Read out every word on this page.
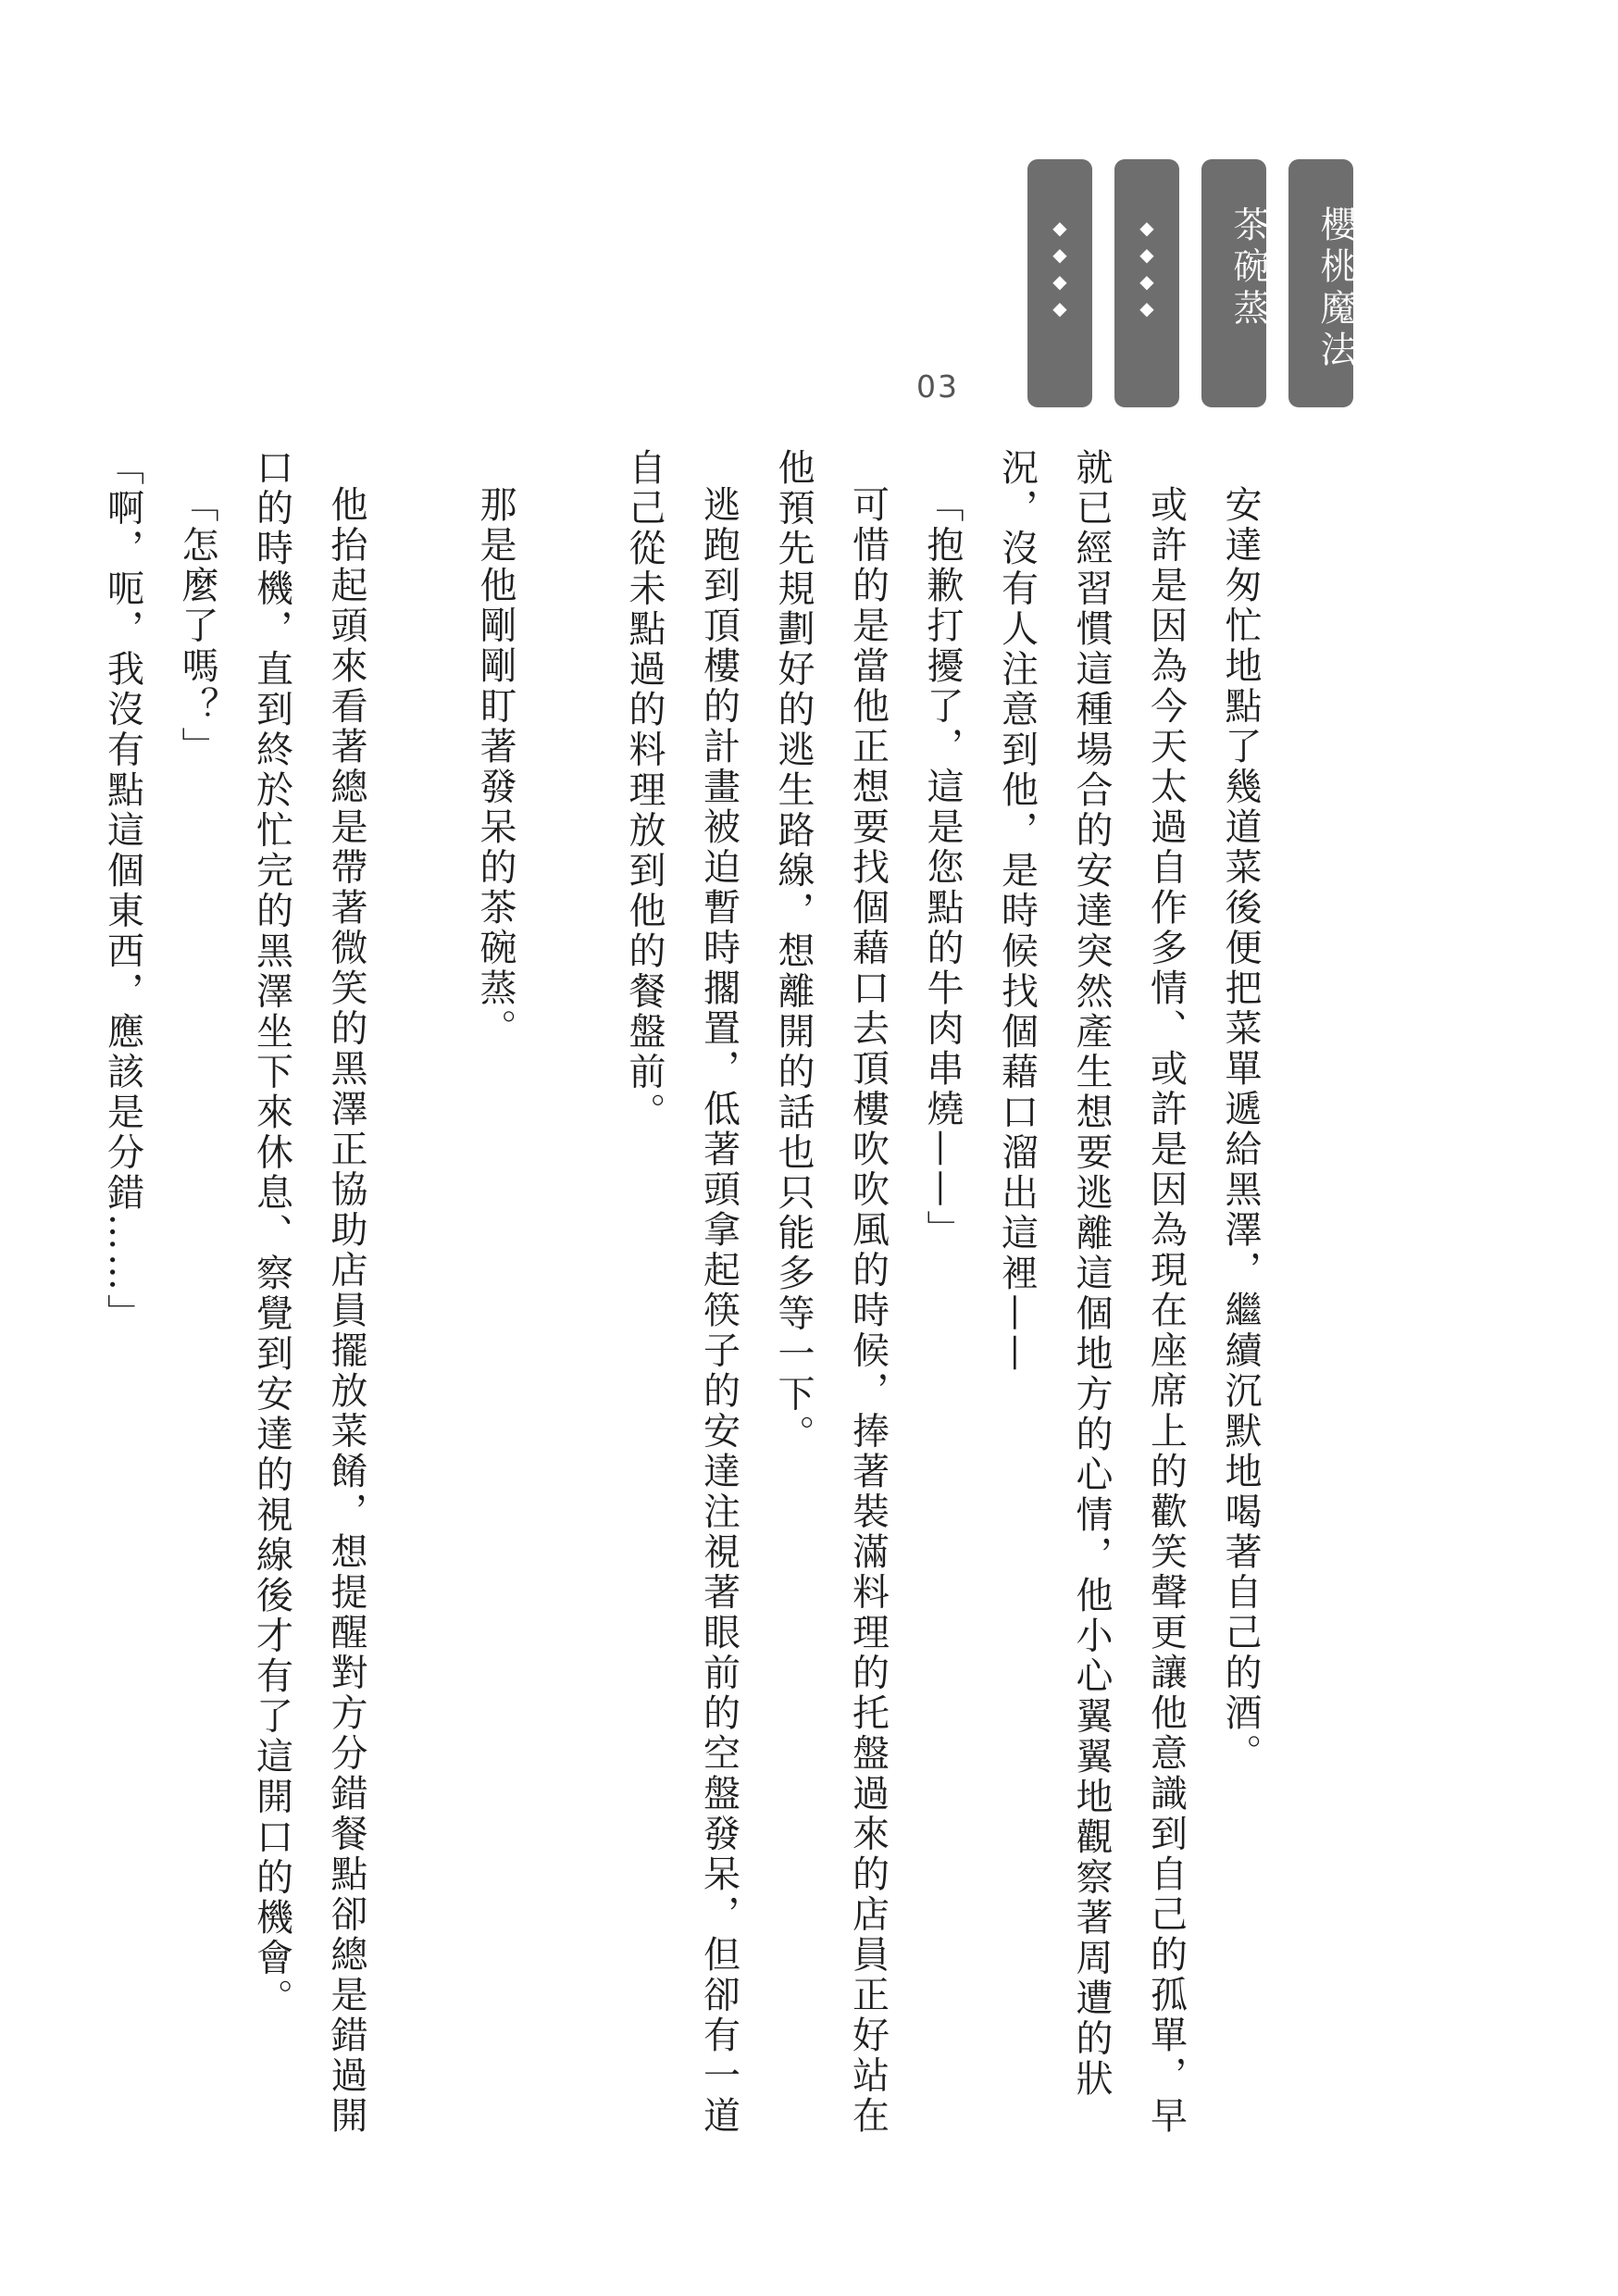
櫻桃魔法
茶碗蒸
◆
◆
◆
◆
◆
◆
◆
◆
03

安達匆忙地點了幾道菜後便把菜單遞給黑澤，繼續沉默地喝著自己的酒。

或許是因為今天太過自作多情、或許是因為現在座席上的歡笑聲更讓他意識到自己的孤單，早就已經習慣這種場合的安達突然產生想要逃離這個地方的心情，他小心翼翼地觀察著周遭的狀況，沒有人注意到他，是時候找個藉口溜出這裡——

「抱歉打擾了，這是您點的牛肉串燒——」

可惜的是當他正想要找個藉口去頂樓吹吹風的時候，捧著裝滿料理的托盤過來的店員正好站在他預先規劃好的逃生路線，想離開的話也只能多等一下。

逃跑到頂樓的計畫被迫暫時擱置，低著頭拿起筷子的安達注視著眼前的空盤發呆，但卻有一道自己從未點過的料理放到他的餐盤前。

那是他剛剛盯著發呆的茶碗蒸。

他抬起頭來看著總是帶著微笑的黑澤正協助店員擺放菜餚，想提醒對方分錯餐點卻總是錯過開口的時機，直到終於忙完的黑澤坐下來休息、察覺到安達的視線後才有了這開口的機會。

「怎麼了嗎？」

「啊，呃，我沒有點這個東西，應該是分錯……」
